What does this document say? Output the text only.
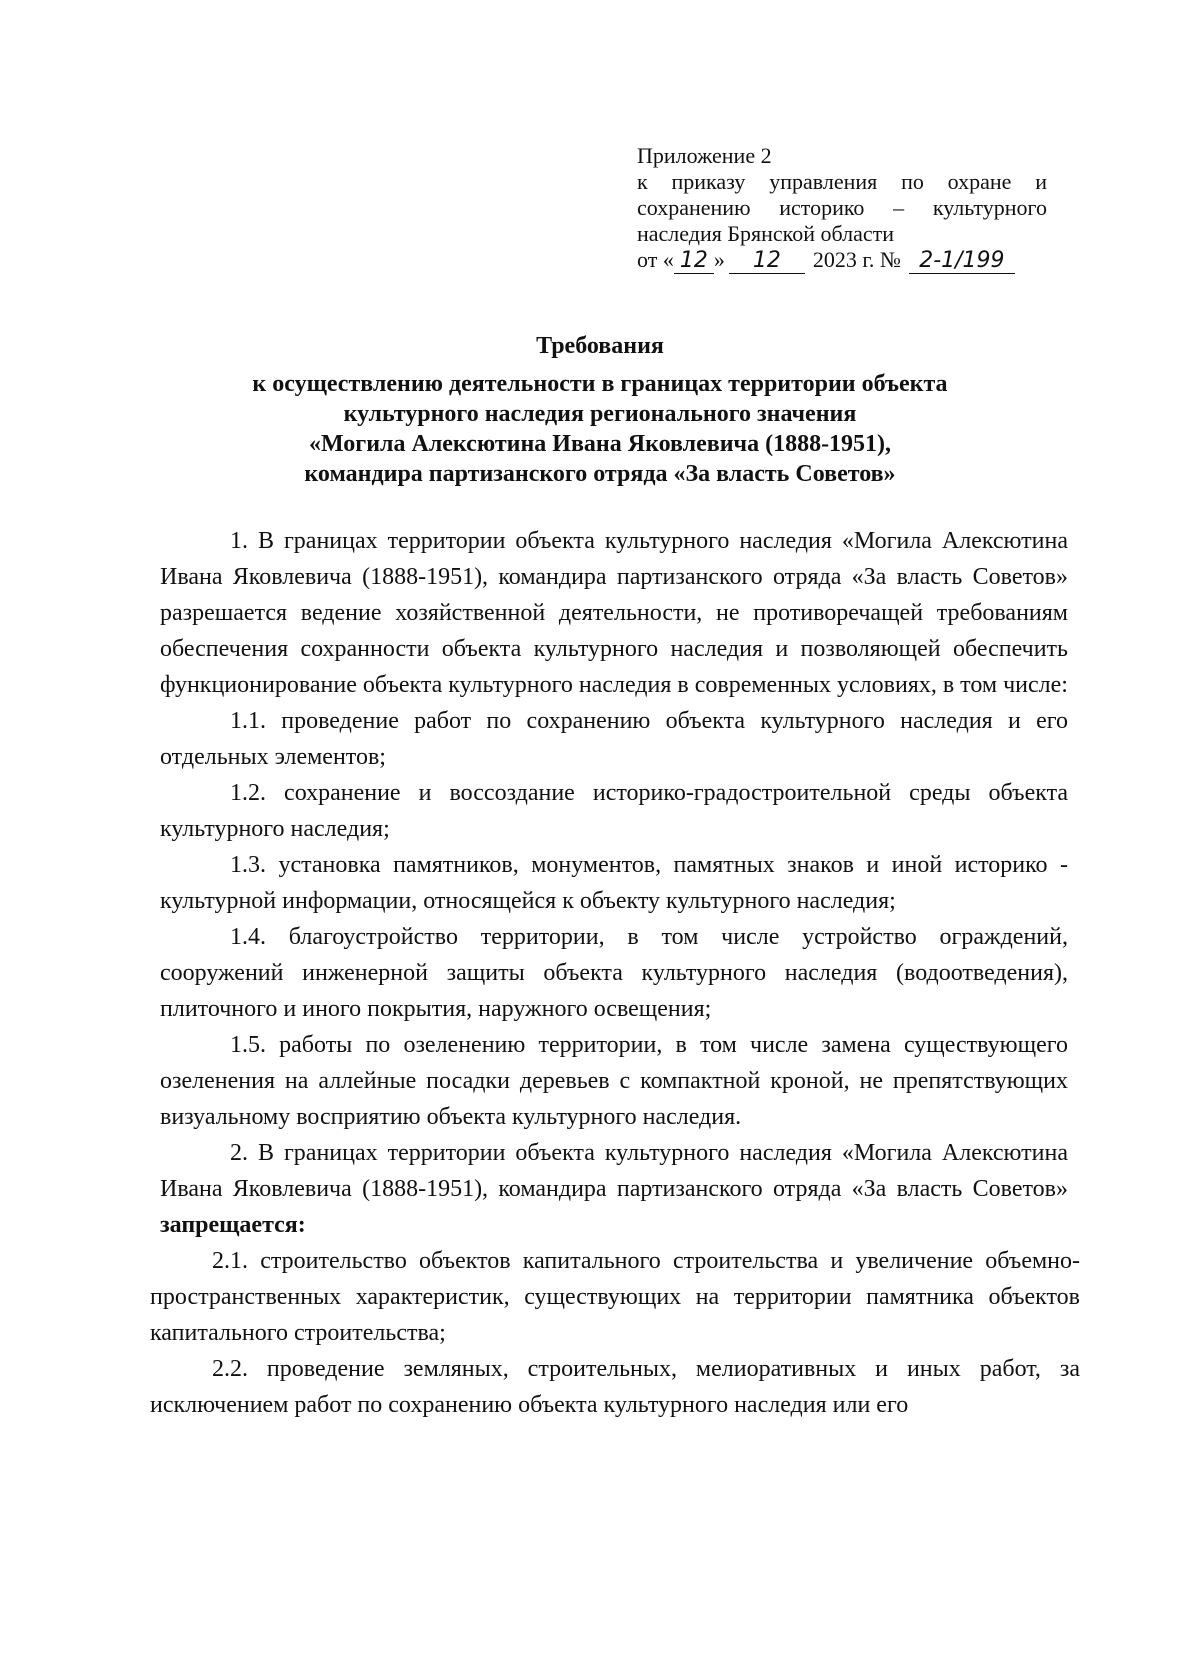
Приложение 2
к приказу управления по охране и
сохранению историко – культурного
наследия Брянской области
от « 12 »	12	2023 г. № 2-1/199
Требования
к осуществлению деятельности в границах территории объекта
культурного наследия регионального значения
«Могила Алексютина Ивана Яковлевича (1888-1951),
командира партизанского отряда «За власть Советов»

1. В границах территории объекта культурного наследия «Могила Алексютина Ивана Яковлевича (1888-1951), командира партизанского отряда «За власть Советов» разрешается ведение хозяйственной деятельности, не противоречащей требованиям обеспечения сохранности объекта культурного наследия и позволяющей обеспечить функционирование объекта культурного наследия в современных условиях, в том числе:

1.1. проведение работ по сохранению объекта культурного наследия и его отдельных элементов;

1.2. сохранение и воссоздание историко-градостроительной среды объекта культурного наследия;

1.3. установка памятников, монументов, памятных знаков и иной историко - культурной информации, относящейся к объекту культурного наследия;

1.4. благоустройство территории, в том числе устройство ограждений, сооружений инженерной защиты объекта культурного наследия (водоотведения), плиточного и иного покрытия, наружного освещения;

1.5. работы по озеленению территории, в том числе замена существующего озеленения на аллейные посадки деревьев с компактной кроной, не препятствующих визуальному восприятию объекта культурного наследия.

2. В границах территории объекта культурного наследия «Могила Алексютина Ивана Яковлевича (1888-1951), командира партизанского отряда «За власть Советов» запрещается:

2.1. строительство объектов капитального строительства и увеличение объемно-пространственных характеристик, существующих на территории памятника объектов капитального строительства;

2.2. проведение земляных, строительных, мелиоративных и иных работ, за исключением работ по сохранению объекта культурного наследия или его
